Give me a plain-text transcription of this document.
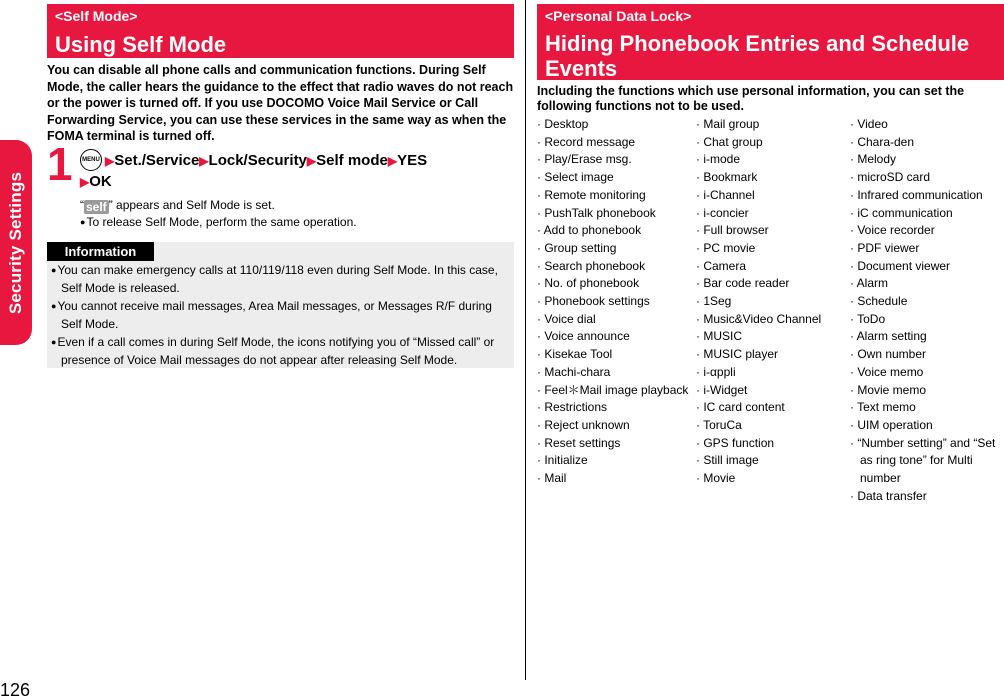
Security Settings
126
<Self Mode>
Using Self Mode
You can disable all phone calls and communication functions. During Self Mode, the caller hears the guidance to the effect that radio waves do not reach or the power is turned off. If you use DOCOMO Voice Mail Service or Call Forwarding Service, you can use these services in the same way as when the FOMA terminal is turned off.
1	MENU ▶Set./Service▶Lock/Security▶Self mode▶YES
▶OK
“ self ” appears and Self Mode is set.
●To release Self Mode, perform the same operation.
Information
●You can make emergency calls at 110/119/118 even during Self Mode. In this case, Self Mode is released.
●You cannot receive mail messages, Area Mail messages, or Messages R/F during Self Mode.
●Even if a call comes in during Self Mode, the icons notifying you of “Missed call” or presence of Voice Mail messages do not appear after releasing Self Mode.
<Personal Data Lock>
Hiding Phonebook Entries and Schedule Events
Including the functions which use personal information, you can set the following functions not to be used.
· Desktop
· Record message
· Play/Erase msg.
· Select image
· Remote monitoring
· PushTalk phonebook
· Add to phonebook
· Group setting
· Search phonebook
· No. of phonebook
· Phonebook settings
· Voice dial
· Voice announce
· Kisekae Tool
· Machi-chara
· Feel＊Mail image playback
· Restrictions
· Reject unknown
· Reset settings
· Initialize
· Mail
· Mail group
· Chat group
· i-mode
· Bookmark
· i-Channel
· i-concier
· Full browser
· PC movie
· Camera
· Bar code reader
· 1Seg
· Music&Video Channel
· MUSIC
· MUSIC player
· i-αppli
· i-Widget
· IC card content
· ToruCa
· GPS function
· Still image
· Movie
· Video
· Chara-den
· Melody
· microSD card
· Infrared communication
· iC communication
· Voice recorder
· PDF viewer
· Document viewer
· Alarm
· Schedule
· ToDo
· Alarm setting
· Own number
· Voice memo
· Movie memo
· Text memo
· UIM operation
· “Number setting” and “Set as ring tone” for Multi number
· Data transfer
